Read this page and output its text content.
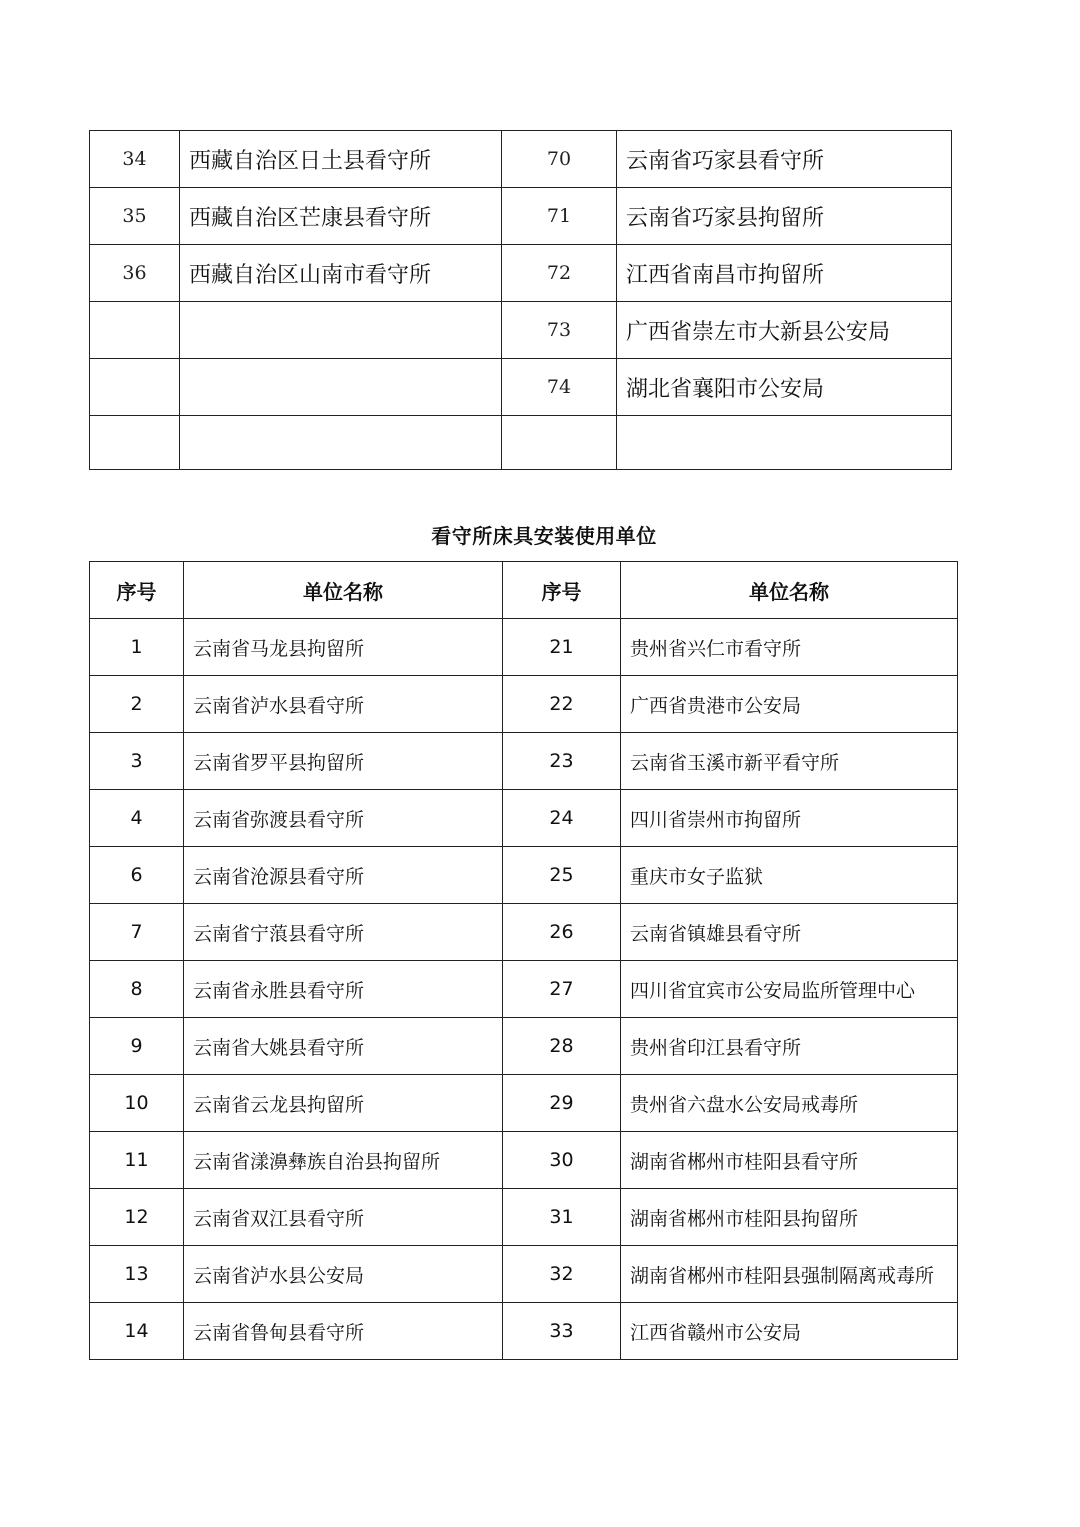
34	西藏自治区日土县看守所	70	云南省巧家县看守所
35	西藏自治区芒康县看守所	71	云南省巧家县拘留所
36	西藏自治区山南市看守所	72	江西省南昌市拘留所
		73	广西省崇左市大新县公安局
		74	湖北省襄阳市公安局

看守所床具安装使用单位
序号	单位名称	序号	单位名称
1	云南省马龙县拘留所	21	贵州省兴仁市看守所
2	云南省泸水县看守所	22	广西省贵港市公安局
3	云南省罗平县拘留所	23	云南省玉溪市新平看守所
4	云南省弥渡县看守所	24	四川省崇州市拘留所
6	云南省沧源县看守所	25	重庆市女子监狱
7	云南省宁蒗县看守所	26	云南省镇雄县看守所
8	云南省永胜县看守所	27	四川省宜宾市公安局监所管理中心
9	云南省大姚县看守所	28	贵州省印江县看守所
10	云南省云龙县拘留所	29	贵州省六盘水公安局戒毒所
11	云南省漾濞彝族自治县拘留所	30	湖南省郴州市桂阳县看守所
12	云南省双江县看守所	31	湖南省郴州市桂阳县拘留所
13	云南省泸水县公安局	32	湖南省郴州市桂阳县强制隔离戒毒所
14	云南省鲁甸县看守所	33	江西省赣州市公安局
